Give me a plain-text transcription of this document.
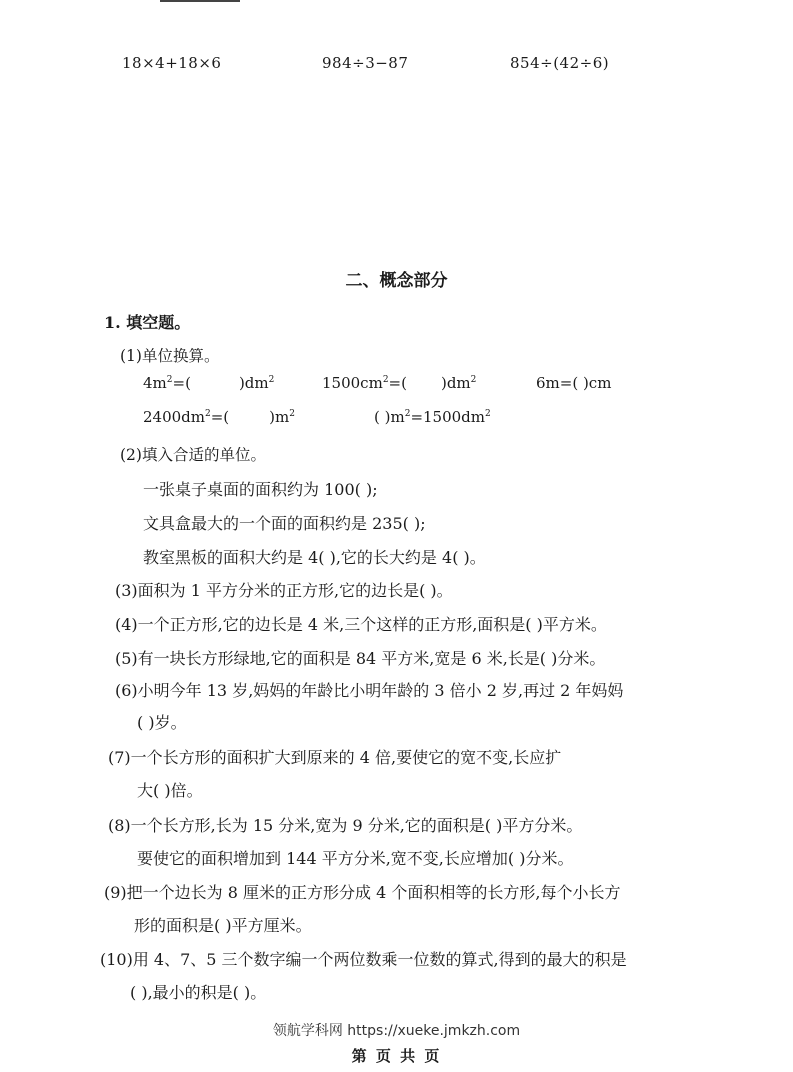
18×4+18×6	984÷3−87	854÷(42÷6)
二、概念部分
1. 填空题。
(1)单位换算。
$4m^2=$(	)$dm^2$	$1500cm^2=$( )$dm^2$	6m=( )cm
$2400dm^2=$(	)$m^2$	( )$m^2=1500dm^2$
(2)填入合适的单位。
一张桌子桌面的面积约为 100( );
文具盒最大的一个面的面积约是 235( );
教室黑板的面积大约是 4( ),它的长大约是 4( )。
(3)面积为 1 平方分米的正方形,它的边长是( )。
(4)一个正方形,它的边长是 4 米,三个这样的正方形,面积是( )平方米。
(5)有一块长方形绿地,它的面积是 84 平方米,宽是 6 米,长是( )分米。
(6)小明今年 13 岁,妈妈的年龄比小明年龄的 3 倍小 2 岁,再过 2 年妈妈
( )岁。
(7)一个长方形的面积扩大到原来的 4 倍,要使它的宽不变,长应扩
大( )倍。
(8)一个长方形,长为 15 分米,宽为 9 分米,它的面积是( )平方分米。
要使它的面积增加到 144 平方分米,宽不变,长应增加( )分米。
(9)把一个边长为 8 厘米的正方形分成 4 个面积相等的长方形,每个小长方
形的面积是( )平方厘米。
(10)用 4、7、5 三个数字编一个两位数乘一位数的算式,得到的最大的积是
( ),最小的积是( )。
领航学科网 https://xueke.jmkzh.com
第 页 共 页
